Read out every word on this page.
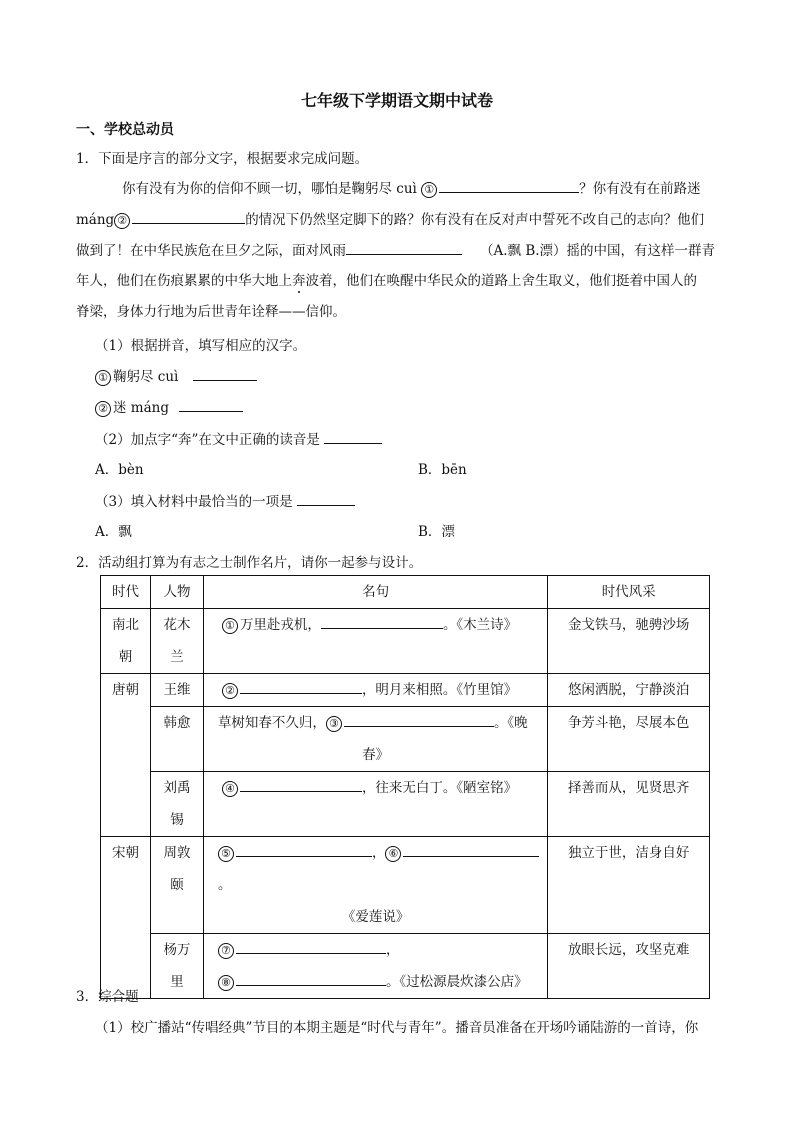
七年级下学期语文期中试卷
一、学校总动员
1．下面是序言的部分文字，根据要求完成问题。
你有没有为你的信仰不顾一切，哪怕是鞠躬尽 cuì ①	？你有没有在前路迷
máng ②	的情况下仍然坚定脚下的路？你有没有在反对声中誓死不改自己的志向？他们
做到了！在中华民族危在旦夕之际，面对风雨	（A.飘 B.漂）摇的中国，有这样一群青
年人，他们在伤痕累累的中华大地上奔波着，他们在唤醒中华民众的道路上舍生取义，他们挺着中国人的
脊梁，身体力行地为后世青年诠释——信仰。
（1）根据拼音，填写相应的汉字。
① 鞠躬尽 cuì
② 迷 máng
（2）加点字“奔”在文中正确的读音是
A．bèn	B．bēn
（3）填入材料中最恰当的一项是
A．飘	B．漂
2．活动组打算为有志之士制作名片，请你一起参与设计。
时代	人物	名句	时代风采

南北朝	花木兰	① 万里赴戎机， 。《木兰诗》	金戈铁马，驰骋沙场
唐朝	王维	② ，明月来相照。《竹里馆》	悠闲洒脱，宁静淡泊
	韩愈	草树知春不久归， ③ 。《晚
春》	争芳斗艳，尽展本色

	刘禹锡	④ ，往来无白丁。《陋室铭》	择善而从，见贤思齐
宋朝	周敦颐	⑤ ， ⑥。
《爱莲说》	独立于世，洁身自好

	杨万里	⑦ ，
⑧ 。《过松源晨炊漆公店》	放眼长远，攻坚克难
3．综合题
（1）校广播站“传唱经典”节目的本期主题是“时代与青年”。播音员准备在开场吟诵陆游的一首诗，你
